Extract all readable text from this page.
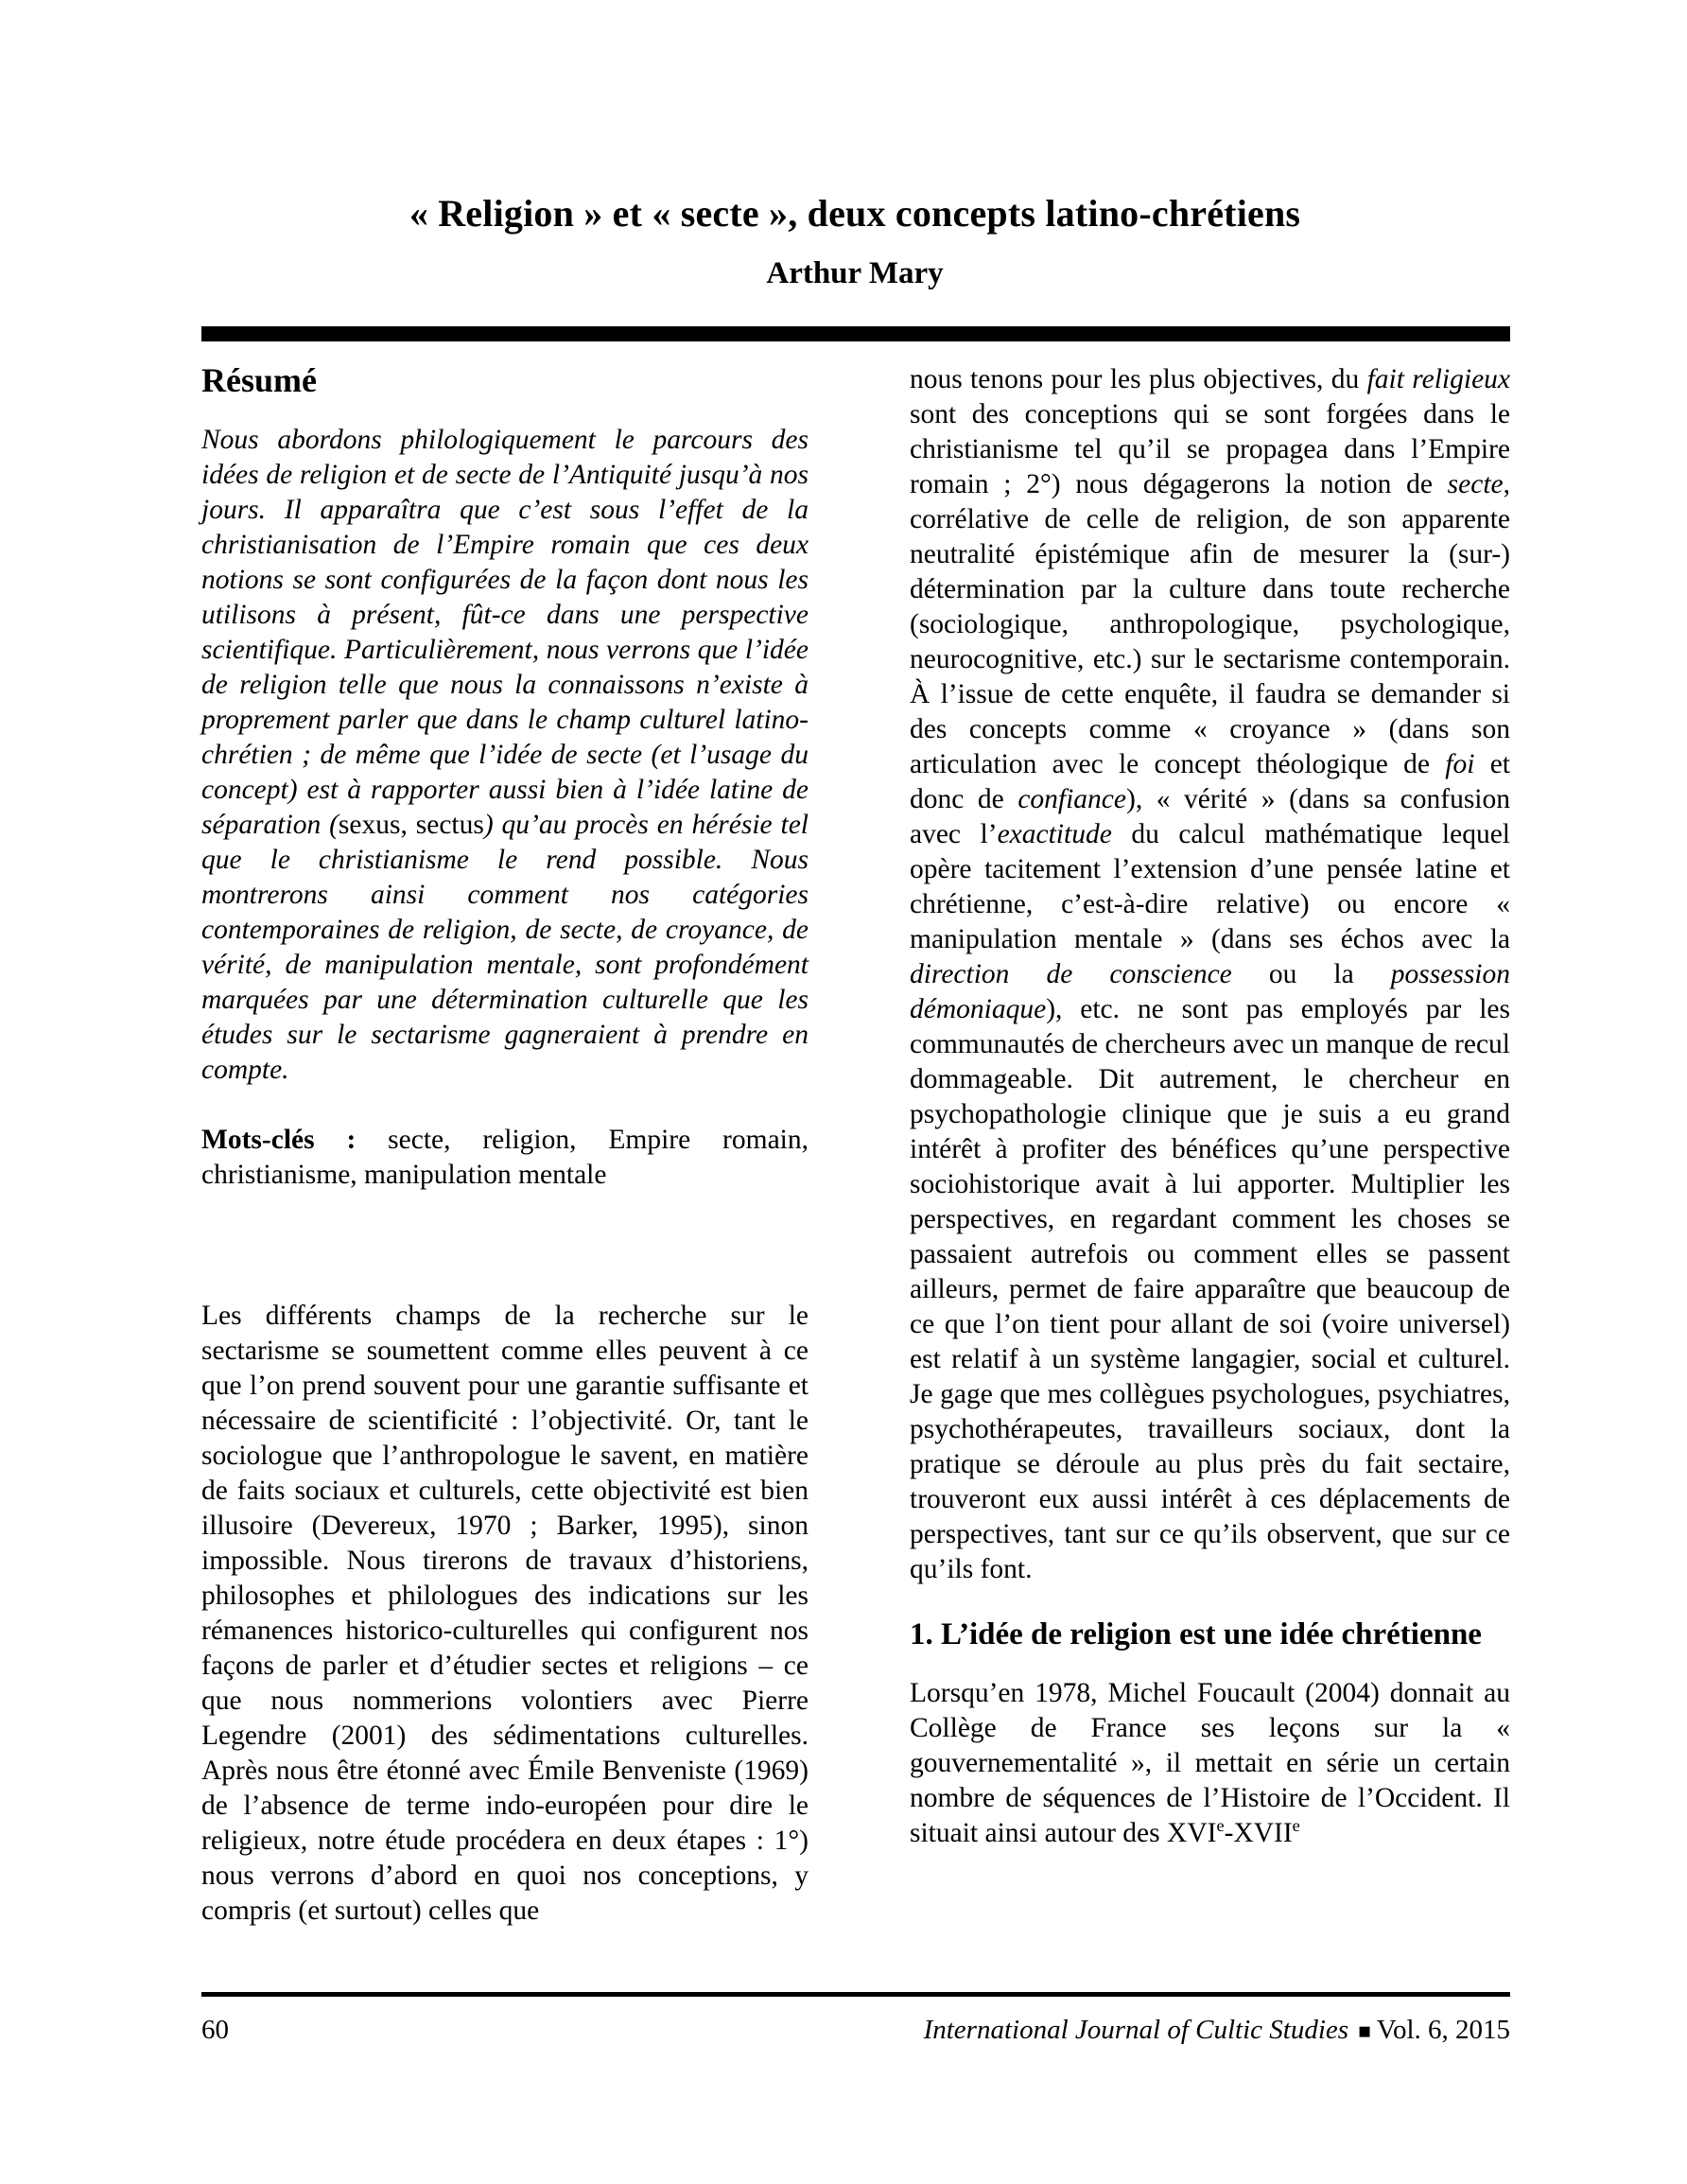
« Religion » et « secte », deux concepts latino-chrétiens
Arthur Mary
Résumé

Nous abordons philologiquement le parcours des idées de religion et de secte de l’Antiquité jusqu’à nos jours. Il apparaîtra que c’est sous l’effet de la christianisation de l’Empire romain que ces deux notions se sont configurées de la façon dont nous les utilisons à présent, fût-ce dans une perspective scientifique. Particulièrement, nous verrons que l’idée de religion telle que nous la connaissons n’existe à proprement parler que dans le champ culturel latino-chrétien ; de même que l’idée de secte (et l’usage du concept) est à rapporter aussi bien à l’idée latine de séparation (sexus, sectus) qu’au procès en hérésie tel que le christianisme le rend possible. Nous montrerons ainsi comment nos catégories contemporaines de religion, de secte, de croyance, de vérité, de manipulation mentale, sont profondément marquées par une détermination culturelle que les études sur le sectarisme gagneraient à prendre en compte.

Mots-clés : secte, religion, Empire romain, christianisme, manipulation mentale

Les différents champs de la recherche sur le sectarisme se soumettent comme elles peuvent à ce que l’on prend souvent pour une garantie suffisante et nécessaire de scientificité : l’objectivité. Or, tant le sociologue que l’anthropologue le savent, en matière de faits sociaux et culturels, cette objectivité est bien illusoire (Devereux, 1970 ; Barker, 1995), sinon impossible. Nous tirerons de travaux d’historiens, philosophes et philologues des indications sur les rémanences historico-culturelles qui configurent nos façons de parler et d’étudier sectes et religions – ce que nous nommerions volontiers avec Pierre Legendre (2001) des sédimentations culturelles. Après nous être étonné avec Émile Benveniste (1969) de l’absence de terme indo-européen pour dire le religieux, notre étude procédera en deux étapes : 1°) nous verrons d’abord en quoi nos conceptions, y compris (et surtout) celles que

nous tenons pour les plus objectives, du fait religieux sont des conceptions qui se sont forgées dans le christianisme tel qu’il se propagea dans l’Empire romain ; 2°) nous dégagerons la notion de secte, corrélative de celle de religion, de son apparente neutralité épistémique afin de mesurer la (sur-) détermination par la culture dans toute recherche (sociologique, anthropologique, psychologique, neurocognitive, etc.) sur le sectarisme contemporain. À l’issue de cette enquête, il faudra se demander si des concepts comme « croyance » (dans son articulation avec le concept théologique de foi et donc de confiance), « vérité » (dans sa confusion avec l’exactitude du calcul mathématique lequel opère tacitement l’extension d’une pensée latine et chrétienne, c’est-à-dire relative) ou encore « manipulation mentale » (dans ses échos avec la direction de conscience ou la possession démoniaque), etc. ne sont pas employés par les communautés de chercheurs avec un manque de recul dommageable. Dit autrement, le chercheur en psychopathologie clinique que je suis a eu grand intérêt à profiter des bénéfices qu’une perspective sociohistorique avait à lui apporter. Multiplier les perspectives, en regardant comment les choses se passaient autrefois ou comment elles se passent ailleurs, permet de faire apparaître que beaucoup de ce que l’on tient pour allant de soi (voire universel) est relatif à un système langagier, social et culturel. Je gage que mes collègues psychologues, psychiatres, psychothérapeutes, travailleurs sociaux, dont la pratique se déroule au plus près du fait sectaire, trouveront eux aussi intérêt à ces déplacements de perspectives, tant sur ce qu’ils observent, que sur ce qu’ils font.

1. L’idée de religion est une idée chrétienne

Lorsqu’en 1978, Michel Foucault (2004) donnait au Collège de France ses leçons sur la « gouvernementalité », il mettait en série un certain nombre de séquences de l’Histoire de l’Occident. Il situait ainsi autour des XVIe-XVIIe

60	International Journal of Cultic Studies ■ Vol. 6, 2015
